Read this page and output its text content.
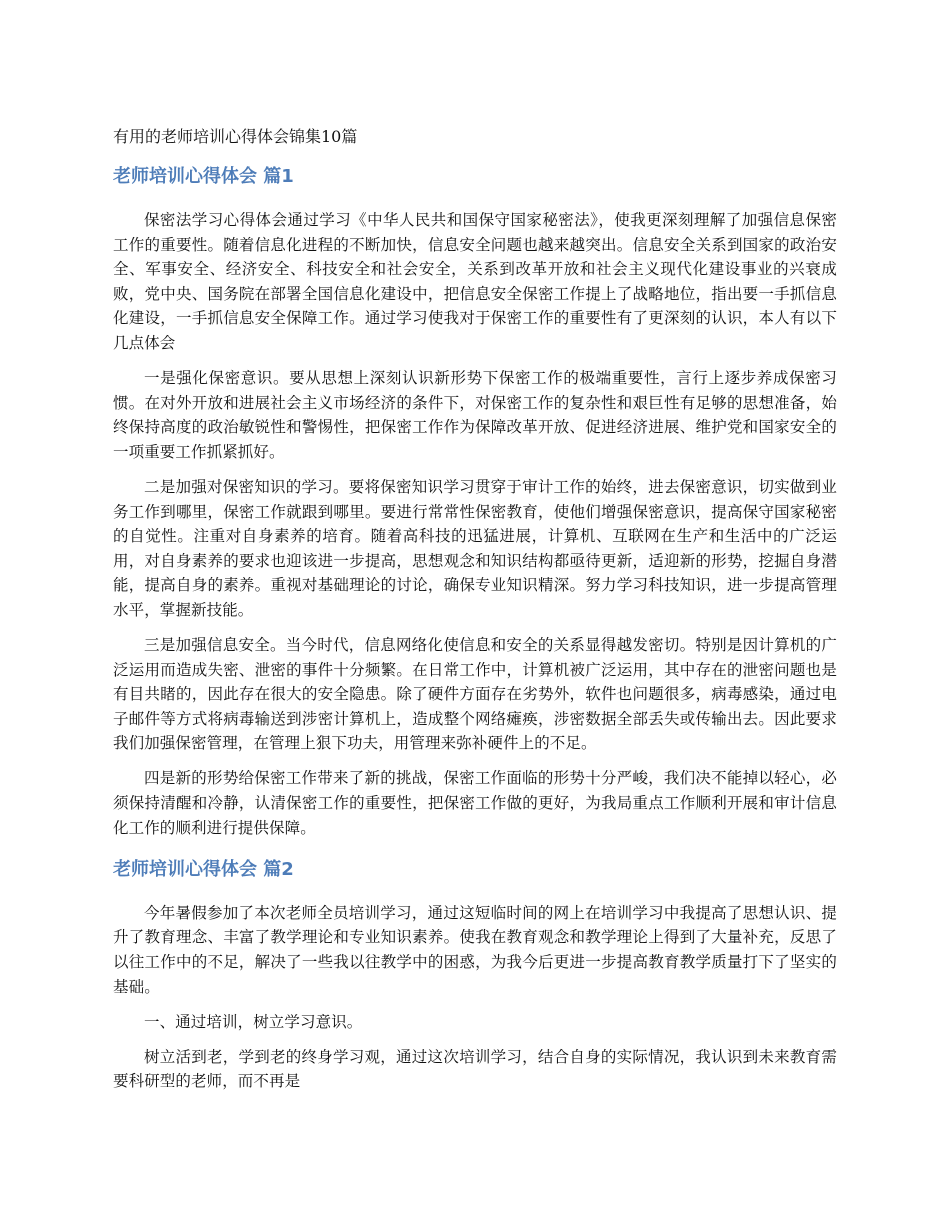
有用的老师培训心得体会锦集10篇
老师培训心得体会 篇1

保密法学习心得体会通过学习《中华人民共和国保守国家秘密法》，使我更深刻理解了加强信息保密工作的重要性。随着信息化进程的不断加快，信息安全问题也越来越突出。信息安全关系到国家的政治安全、军事安全、经济安全、科技安全和社会安全，关系到改革开放和社会主义现代化建设事业的兴衰成败，党中央、国务院在部署全国信息化建设中，把信息安全保密工作提上了战略地位，指出要一手抓信息化建设，一手抓信息安全保障工作。通过学习使我对于保密工作的重要性有了更深刻的认识，本人有以下几点体会

一是强化保密意识。要从思想上深刻认识新形势下保密工作的极端重要性，言行上逐步养成保密习惯。在对外开放和进展社会主义市场经济的条件下，对保密工作的复杂性和艰巨性有足够的思想准备，始终保持高度的政治敏锐性和警惕性，把保密工作作为保障改革开放、促进经济进展、维护党和国家安全的一项重要工作抓紧抓好。

二是加强对保密知识的学习。要将保密知识学习贯穿于审计工作的始终，进去保密意识，切实做到业务工作到哪里，保密工作就跟到哪里。要进行常常性保密教育，使他们增强保密意识，提高保守国家秘密的自觉性。注重对自身素养的培育。随着高科技的迅猛进展，计算机、互联网在生产和生活中的广泛运用，对自身素养的要求也迎该进一步提高，思想观念和知识结构都亟待更新，适迎新的形势，挖掘自身潜能，提高自身的素养。重视对基础理论的讨论，确保专业知识精深。努力学习科技知识，进一步提高管理水平，掌握新技能。

三是加强信息安全。当今时代，信息网络化使信息和安全的关系显得越发密切。特别是因计算机的广泛运用而造成失密、泄密的事件十分频繁。在日常工作中，计算机被广泛运用，其中存在的泄密问题也是有目共睹的，因此存在很大的安全隐患。除了硬件方面存在劣势外，软件也问题很多，病毒感染，通过电子邮件等方式将病毒输送到涉密计算机上，造成整个网络瘫痪，涉密数据全部丢失或传输出去。因此要求我们加强保密管理，在管理上狠下功夫，用管理来弥补硬件上的不足。

四是新的形势给保密工作带来了新的挑战，保密工作面临的形势十分严峻，我们决不能掉以轻心，必须保持清醒和冷静，认清保密工作的重要性，把保密工作做的更好，为我局重点工作顺利开展和审计信息化工作的顺利进行提供保障。

老师培训心得体会 篇2

今年暑假参加了本次老师全员培训学习，通过这短临时间的网上在培训学习中我提高了思想认识、提升了教育理念、丰富了教学理论和专业知识素养。使我在教育观念和教学理论上得到了大量补充，反思了以往工作中的不足，解决了一些我以往教学中的困惑，为我今后更进一步提高教育教学质量打下了坚实的基础。

一、通过培训，树立学习意识。

树立活到老，学到老的终身学习观，通过这次培训学习，结合自身的实际情况，我认识到未来教育需要科研型的老师，而不再是
